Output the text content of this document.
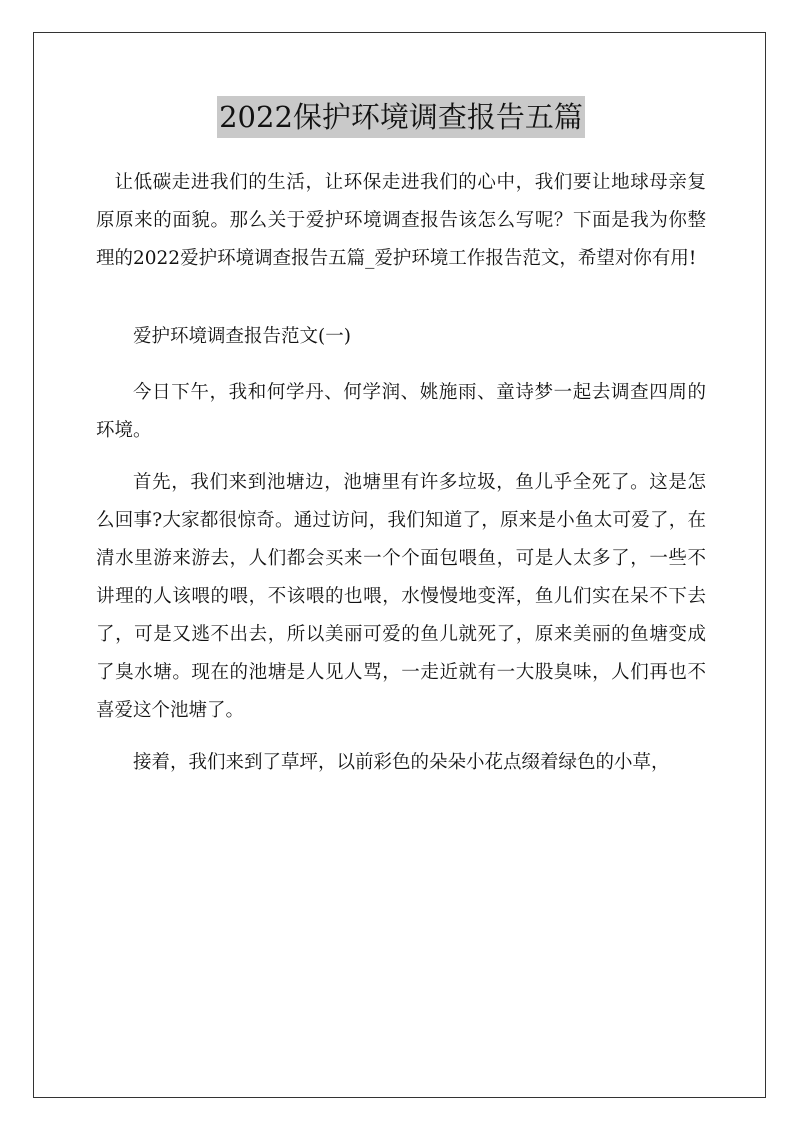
2022保护环境调查报告五篇

让低碳走进我们的生活，让环保走进我们的心中，我们要让地球母亲复原原来的面貌。那么关于爱护环境调查报告该怎么写呢？下面是我为你整理的2022爱护环境调查报告五篇_爱护环境工作报告范文，希望对你有用!

爱护环境调查报告范文(一)

今日下午，我和何学丹、何学润、姚施雨、童诗梦一起去调查四周的环境。

首先，我们来到池塘边，池塘里有许多垃圾，鱼儿乎全死了。这是怎么回事?大家都很惊奇。通过访问，我们知道了，原来是小鱼太可爱了，在清水里游来游去，人们都会买来一个个面包喂鱼，可是人太多了，一些不讲理的人该喂的喂，不该喂的也喂，水慢慢地变浑，鱼儿们实在呆不下去了，可是又逃不出去，所以美丽可爱的鱼儿就死了，原来美丽的鱼塘变成了臭水塘。现在的池塘是人见人骂，一走近就有一大股臭味，人们再也不喜爱这个池塘了。

接着，我们来到了草坪，以前彩色的朵朵小花点缀着绿色的小草，
